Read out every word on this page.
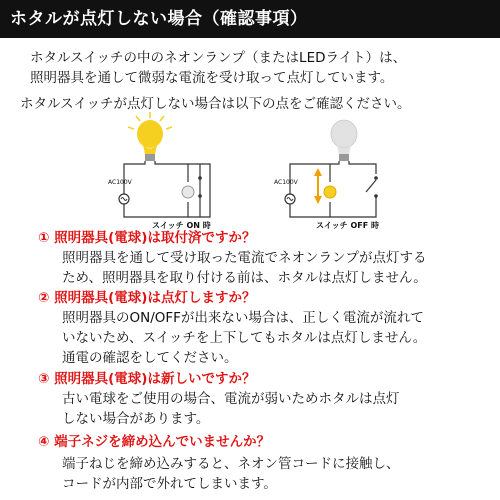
ホタルが点灯しない場合（確認事項）
ホタルスイッチの中のネオンランプ（またはLEDライト）は、
照明器具を通して微弱な電流を受け取って点灯しています。
ホタルスイッチが点灯しない場合は以下の点をご確認ください。
AC100V
スイッチ ON 時
AC100V
スイッチ OFF 時
① 照明器具(電球)は取付済ですか？
照明器具を通して受け取った電流でネオンランプが点灯する
ため、照明器具を取り付ける前は、ホタルは点灯しません。
② 照明器具(電球)は点灯しますか？
照明器具のON/OFFが出来ない場合は、正しく電流が流れて
いないため、スイッチを上下してもホタルは点灯しません。
通電の確認をしてください。
③ 照明器具(電球)は新しいですか？
古い電球をご使用の場合、電流が弱いためホタルは点灯
しない場合があります。
④ 端子ネジを締め込んでいませんか？
端子ねじを締め込みすると、ネオン管コードに接触し、
コードが内部で外れてしまいます。
